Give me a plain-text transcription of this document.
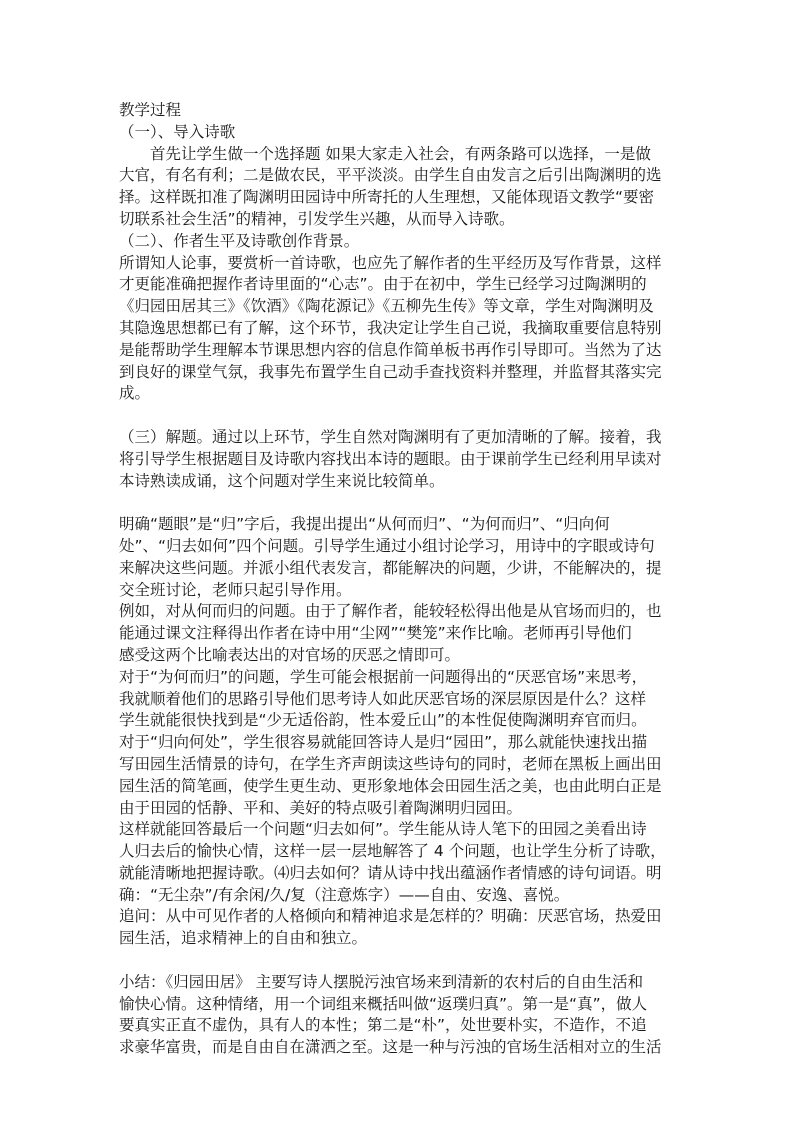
教学过程
（一）、导入诗歌
首先让学生做一个选择题 如果大家走入社会，有两条路可以选择，一是做
大官，有名有利；二是做农民，平平淡淡。由学生自由发言之后引出陶渊明的选
择。这样既扣准了陶渊明田园诗中所寄托的人生理想，又能体现语文教学“要密
切联系社会生活”的精神，引发学生兴趣，从而导入诗歌。
（二）、作者生平及诗歌创作背景。
所谓知人论事，要赏析一首诗歌，也应先了解作者的生平经历及写作背景，这样
才更能准确把握作者诗里面的“心志”。由于在初中，学生已经学习过陶渊明的
《归园田居其三》《饮酒》《陶花源记》《五柳先生传》等文章，学生对陶渊明及
其隐逸思想都已有了解，这个环节，我决定让学生自己说，我摘取重要信息特别
是能帮助学生理解本节课思想内容的信息作简单板书再作引导即可。当然为了达
到良好的课堂气氛，我事先布置学生自己动手查找资料并整理，并监督其落实完
成。
（三）解题。通过以上环节，学生自然对陶渊明有了更加清晰的了解。接着，我
将引导学生根据题目及诗歌内容找出本诗的题眼。由于课前学生已经利用早读对
本诗熟读成诵，这个问题对学生来说比较简单。
明确“题眼”是“归”字后，我提出提出“从何而归”、“为何而归”、“归向何
处”、“归去如何”四个问题。引导学生通过小组讨论学习，用诗中的字眼或诗句
来解决这些问题。并派小组代表发言，都能解决的问题，少讲，不能解决的，提
交全班讨论，老师只起引导作用。
例如，对从何而归的问题。由于了解作者，能较轻松得出他是从官场而归的，也
能通过课文注释得出作者在诗中用“尘网”“樊笼”来作比喻。老师再引导他们
感受这两个比喻表达出的对官场的厌恶之情即可。
对于“为何而归”的问题，学生可能会根据前一问题得出的“厌恶官场”来思考，
我就顺着他们的思路引导他们思考诗人如此厌恶官场的深层原因是什么？这样
学生就能很快找到是“少无适俗韵，性本爱丘山”的本性促使陶渊明弃官而归。
对于“归向何处”，学生很容易就能回答诗人是归“园田”，那么就能快速找出描
写田园生活情景的诗句，在学生齐声朗读这些诗句的同时，老师在黑板上画出田
园生活的简笔画，使学生更生动、更形象地体会田园生活之美，也由此明白正是
由于田园的恬静、平和、美好的特点吸引着陶渊明归园田。
这样就能回答最后一个问题“归去如何”。学生能从诗人笔下的田园之美看出诗
人归去后的愉快心情，这样一层一层地解答了 4 个问题，也让学生分析了诗歌，
就能清晰地把握诗歌。⑷归去如何？请从诗中找出蕴涵作者情感的诗句词语。明
确：“无尘杂”/有余闲/久/复（注意炼字）——自由、安逸、喜悦。
追问：从中可见作者的人格倾向和精神追求是怎样的？明确：厌恶官场，热爱田
园生活，追求精神上的自由和独立。
小结：《归园田居》 主要写诗人摆脱污浊官场来到清新的农村后的自由生活和
愉快心情。这种情绪，用一个词组来概括叫做“返璞归真”。第一是“真”，做人
要真实正直不虚伪，具有人的本性；第二是“朴”，处世要朴实，不造作，不追
求豪华富贵，而是自由自在潇洒之至。这是一种与污浊的官场生活相对立的生活
